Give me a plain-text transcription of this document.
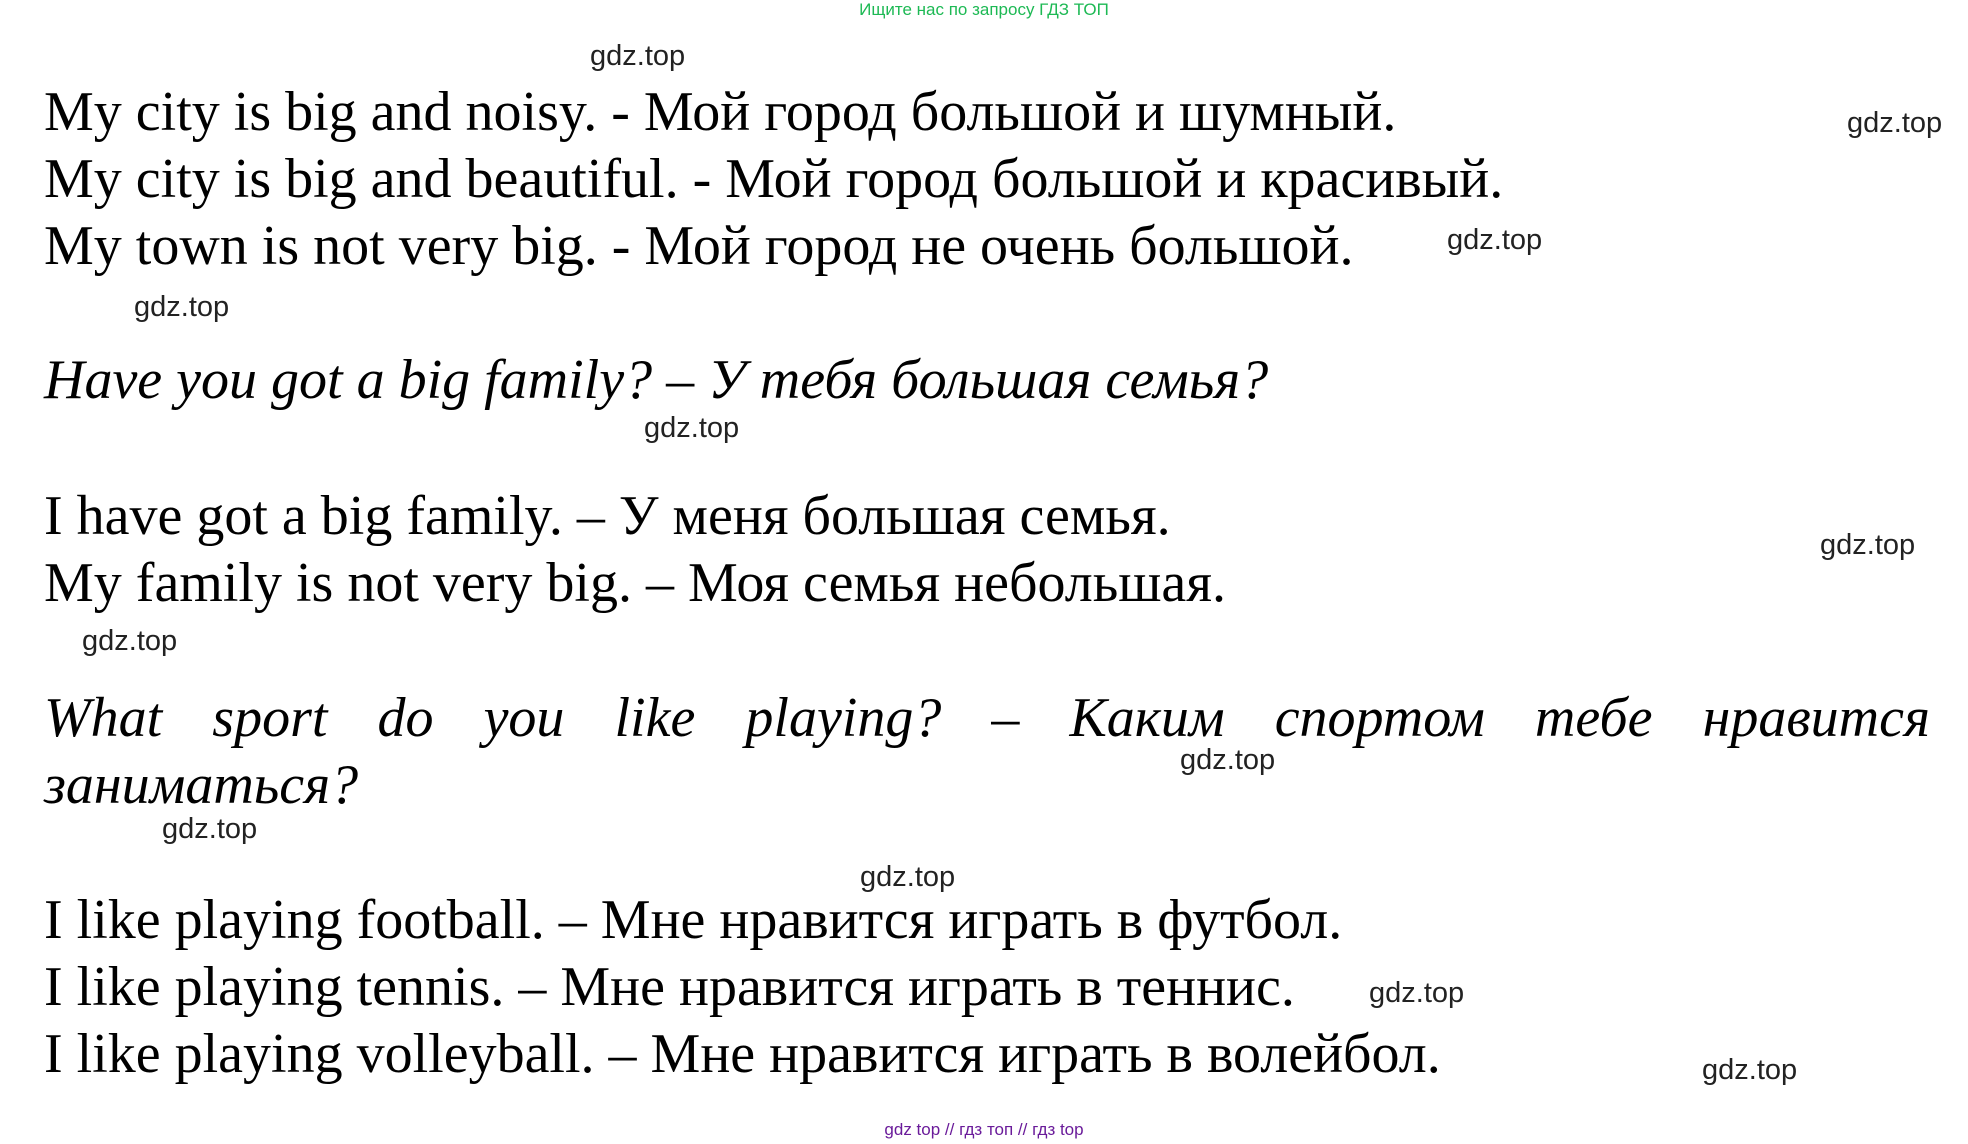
Ищите нас по запросу ГДЗ ТОП
My city is big and noisy. - Мой город большой и шумный.
My city is big and beautiful. - Мой город большой и красивый.
My town is not very big. - Мой город не очень большой.
Have you got a big family? – У тебя большая семья?
I have got a big family. – У меня большая семья.
My family is not very big. – Моя семья небольшая.
What sport do you like playing? – Каким спортом тебе нравится
заниматься?
I like playing football. – Мне нравится играть в футбол.
I like playing tennis. – Мне нравится играть в теннис.
I like playing volleyball. – Мне нравится играть в волейбол.
gdz.top
gdz.top
gdz.top
gdz.top
gdz.top
gdz.top
gdz.top
gdz.top
gdz.top
gdz.top
gdz.top
gdz.top
gdz top // гдз топ // гдз top
